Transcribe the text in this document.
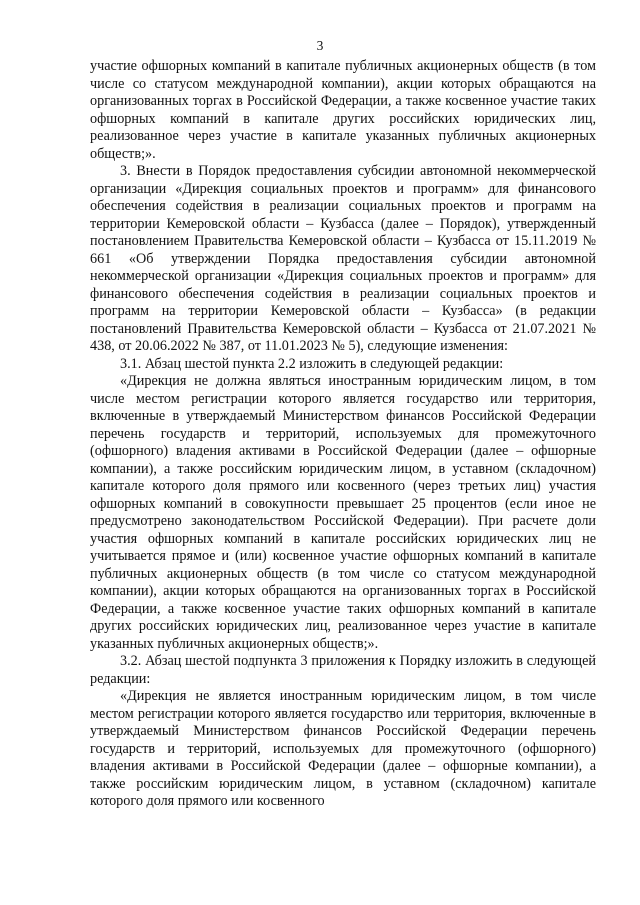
3

участие офшорных компаний в капитале публичных акционерных обществ (в том числе со статусом международной компании), акции которых обращаются на организованных торгах в Российской Федерации, а также косвенное участие таких офшорных компаний в капитале других российских юридических лиц, реализованное через участие в капитале указанных публичных акционерных обществ;».

3. Внести в Порядок предоставления субсидии автономной некоммерческой организации «Дирекция социальных проектов и программ» для финансового обеспечения содействия в реализации социальных проектов и программ на территории Кемеровской области – Кузбасса (далее – Порядок), утвержденный постановлением Правительства Кемеровской области – Кузбасса от 15.11.2019 № 661 «Об утверждении Порядка предоставления субсидии автономной некоммерческой организации «Дирекция социальных проектов и программ» для финансового обеспечения содействия в реализации социальных проектов и программ на территории Кемеровской области – Кузбасса» (в редакции постановлений Правительства Кемеровской области – Кузбасса от 21.07.2021 № 438, от 20.06.2022 № 387, от 11.01.2023 № 5), следующие изменения:

3.1. Абзац шестой пункта 2.2 изложить в следующей редакции:

«Дирекция не должна являться иностранным юридическим лицом, в том числе местом регистрации которого является государство или территория, включенные в утверждаемый Министерством финансов Российской Федерации перечень государств и территорий, используемых для промежуточного (офшорного) владения активами в Российской Федерации (далее – офшорные компании), а также российским юридическим лицом, в уставном (складочном) капитале которого доля прямого или косвенного (через третьих лиц) участия офшорных компаний в совокупности превышает 25 процентов (если иное не предусмотрено законодательством Российской Федерации). При расчете доли участия офшорных компаний в капитале российских юридических лиц не учитывается прямое и (или) косвенное участие офшорных компаний в капитале публичных акционерных обществ (в том числе со статусом международной компании), акции которых обращаются на организованных торгах в Российской Федерации, а также косвенное участие таких офшорных компаний в капитале других российских юридических лиц, реализованное через участие в капитале указанных публичных акционерных обществ;».

3.2. Абзац шестой подпункта 3 приложения к Порядку изложить в следующей редакции:

«Дирекция не является иностранным юридическим лицом, в том числе местом регистрации которого является государство или территория, включенные в утверждаемый Министерством финансов Российской Федерации перечень государств и территорий, используемых для промежуточного (офшорного) владения активами в Российской Федерации (далее – офшорные компании), а также российским юридическим лицом, в уставном (складочном) капитале которого доля прямого или косвенного
